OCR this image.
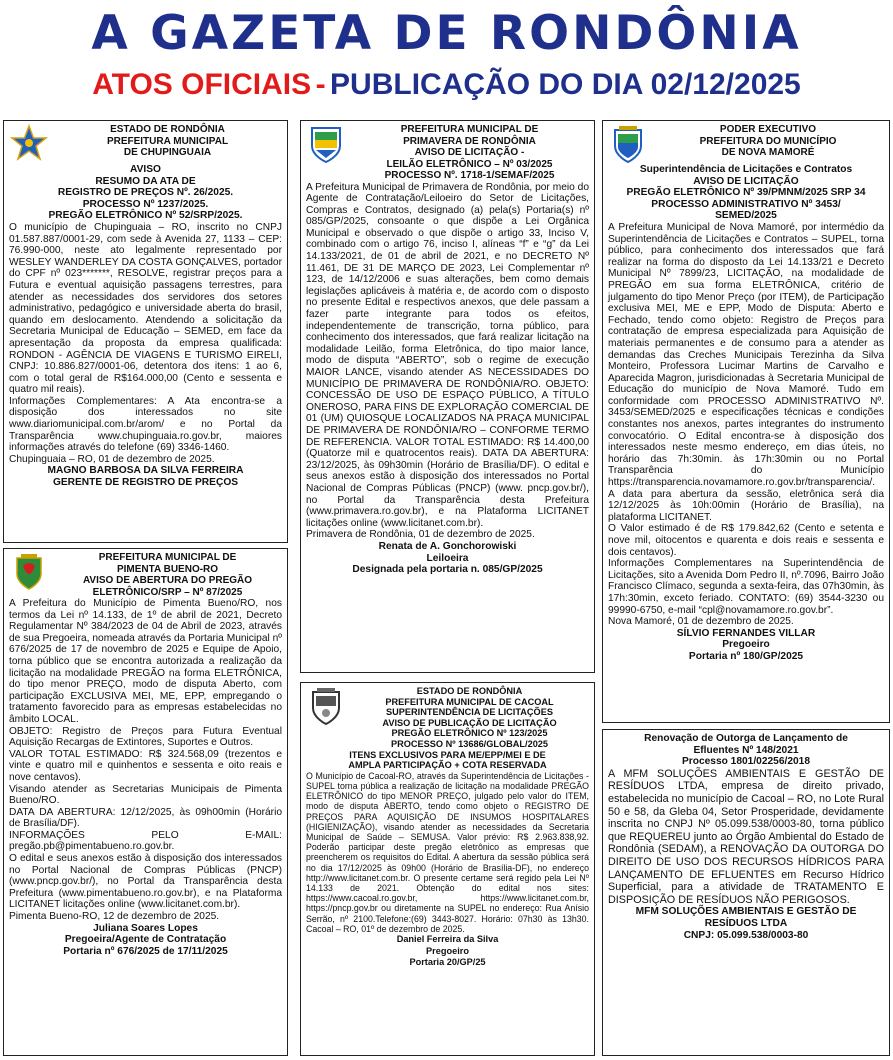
A GAZETA DE RONDÔNIA
ATOS OFICIAIS - PUBLICAÇÃO DO DIA 02/12/2025
ESTADO DE RONDÔNIA
PREFEITURA MUNICIPAL
DE CHUPINGUAIA
AVISO
RESUMO DA ATA DE
REGISTRO DE PREÇOS Nº. 26/2025.
PROCESSO Nº 1237/2025.
PREGÃO ELETRÔNICO Nº 52/SRP/2025.

O município de Chupinguaia – RO, inscrito no CNPJ 01.587.887/0001-29, com sede à Avenida 27, 1133 – CEP: 76.990-000, neste ato legalmente representado por WESLEY WANDERLEY DA COSTA GONÇALVES, portador do CPF nº 023*******, RESOLVE, registrar preços para a Futura e eventual aquisição passagens terrestres, para atender as necessidades dos servidores dos setores administrativo, pedagógico e universidade aberta do brasil, quando em deslocamento. Atendendo a solicitação da Secretaria Municipal de Educação – SEMED, em face da apresentação da proposta da empresa qualificada: RONDON - AGÊNCIA DE VIAGENS E TURISMO EIRELI, CNPJ: 10.886.827/0001-06, detentora dos itens: 1 ao 6, com o total geral de R$164.000,00 (Cento e sessenta e quatro mil reais).

Informações Complementares: A Ata encontra-se a disposição dos interessados no site www.diariomunicipal.com.br/arom/ e no Portal da Transparência www.chupinguaia.ro.gov.br, maiores informações através do telefone (69) 3346-1460.

Chupinguaia – RO, 01 de dezembro de 2025.
MAGNO BARBOSA DA SILVA FERREIRA
GERENTE DE REGISTRO DE PREÇOS
PREFEITURA MUNICIPAL DE
PIMENTA BUENO-RO
AVISO DE ABERTURA DO PREGÃO
ELETRÔNICO/SRP – Nº 87/2025

A Prefeitura do Município de Pimenta Bueno/RO, nos termos da Lei nº 14.133, de 1º de abril de 2021, Decreto Regulamentar Nº 384/2023 de 04 de Abril de 2023, através de sua Pregoeira, nomeada através da Portaria Municipal nº 676/2025 de 17 de novembro de 2025 e Equipe de Apoio, torna público que se encontra autorizada a realização da licitação na modalidade PREGÃO na forma ELETRÔNICA, do tipo menor PREÇO, modo de disputa Aberto, com participação EXCLUSIVA MEI, ME, EPP, empregando o tratamento favorecido para as empresas estabelecidas no âmbito LOCAL.

OBJETO: Registro de Preços para Futura Eventual Aquisição Recargas de Extintores, Suportes e Outros.

VALOR TOTAL ESTIMADO: R$ 324.568,09 (trezentos e vinte e quatro mil e quinhentos e sessenta e oito reais e nove centavos).

Visando atender as Secretarias Municipais de Pimenta Bueno/RO.

DATA DA ABERTURA: 12/12/2025, às 09h00min (Horário de Brasília/DF).

INFORMAÇÕES PELO E-MAIL: pregão.pb@pimentabueno.ro.gov.br.

O edital e seus anexos estão à disposição dos interessados no Portal Nacional de Compras Públicas (PNCP) (www.pncp.gov.br/), no Portal da Transparência desta Prefeitura (www.pimentabueno.ro.gov.br), e na Plataforma LICITANET licitações online (www.licitanet.com.br).

Pimenta Bueno-RO, 12 de dezembro de 2025.
Juliana Soares Lopes
Pregoeira/Agente de Contratação
Portaria nº 676/2025 de 17/11/2025
PREFEITURA MUNICIPAL DE
PRIMAVERA DE RONDÔNIA
AVISO DE LICITAÇÃO -
LEILÃO ELETRÔNICO – Nº 03/2025
PROCESSO Nº. 1718-1/SEMAF/2025

A Prefeitura Municipal de Primavera de Rondônia, por meio do Agente de Contratação/Leiloeiro do Setor de Licitações, Compras e Contratos, designado (a) pela(s) Portaria(s) nº 085/GP/2025, consoante o que dispõe a Lei Orgânica Municipal e observado o que dispõe o artigo 33, Inciso V, combinado com o artigo 76, inciso I, alíneas “f” e “g” da Lei 14.133/2021, de 01 de abril de 2021, e no DECRETO Nº 11.461, DE 31 DE MARÇO DE 2023, Lei Complementar nº 123, de 14/12/2006 e suas alterações, bem como demais legislações aplicáveis à matéria e, de acordo com o disposto no presente Edital e respectivos anexos, que dele passam a fazer parte integrante para todos os efeitos, independentemente de transcrição, torna público, para conhecimento dos interessados, que fará realizar licitação na modalidade Leilão, forma Eletrônica, do tipo maior lance, modo de disputa “ABERTO”, sob o regime de execução MAIOR LANCE, visando atender AS NECESSIDADES DO MUNICÍPIO DE PRIMAVERA DE RONDÔNIA/RO. OBJETO: CONCESSÃO DE USO DE ESPAÇO PÚBLICO, A TÍTULO ONEROSO, PARA FINS DE EXPLORAÇÃO COMERCIAL DE 01 (UM) QUIOSQUE LOCALIZADOS NA PRAÇA MUNICIPAL DE PRIMAVERA DE RONDÔNIA/RO – CONFORME TERMO DE REFERENCIA. VALOR TOTAL ESTIMADO: R$ 14.400,00 (Quatorze mil e quatrocentos reais). DATA DA ABERTURA: 23/12/2025, às 09h30min (Horário de Brasília/DF). O edital e seus anexos estão à disposição dos interessados no Portal Nacional de Compras Públicas (PNCP) (www. pncp.gov.br/), no Portal da Transparência desta Prefeitura (www.primavera.ro.gov.br), e na Plataforma LICITANET licitações online (www.licitanet.com.br).

Primavera de Rondônia, 01 de dezembro de 2025.
Renata de A. Gonchorowiski
Leiloeira
Designada pela portaria n. 085/GP/2025
ESTADO DE RONDÔNIA
PREFEITURA MUNICIPAL DE CACOAL
SUPERINTENDÊNCIA DE LICITAÇÕES
AVISO DE PUBLICAÇÃO DE LICITAÇÃO
PREGÃO ELETRÔNICO Nº 123/2025
PROCESSO Nº 13686/GLOBAL/2025
ITENS EXCLUSIVOS PARA ME/EPP/MEI E DE
AMPLA PARTICIPAÇÃO + COTA RESERVADA

O Município de Cacoal-RO, através da Superintendência de Licitações - SUPEL torna pública a realização de licitação na modalidade PREGÃO ELETRÔNICO do tipo MENOR PREÇO, julgado pelo valor do ITEM, modo de disputa ABERTO, tendo como objeto o REGISTRO DE PREÇOS PARA AQUISIÇÃO DE INSUMOS HOSPITALARES (HIGIENIZAÇÃO), visando atender as necessidades da Secretaria Municipal de Saúde – SEMUSA. Valor prévio: R$ 2.963.838,92. Poderão participar deste pregão eletrônico as empresas que preencherem os requisitos do Edital. A abertura da sessão pública será no dia 17/12/2025 às 09h00 (Horário de Brasília-DF), no endereço http://www.licitanet.com.br. O presente certame será regido pela Lei Nº 14.133 de 2021. Obtenção do edital nos sites: https://www.cacoal.ro.gov.br, https://www.licitanet.com.br, https://pncp.gov.br ou diretamente na SUPEL no endereço: Rua Anísio Serrão, nº 2100.Telefone:(69) 3443-8027. Horário: 07h30 às 13h30. Cacoal – RO, 01º de dezembro de 2025.

Daniel Ferreira da Silva
Pregoeiro
Portaria 20/GP/25
PODER EXECUTIVO
PREFEITURA DO MUNICÍPIO
DE NOVA MAMORÉ
Superintendência de Licitações e Contratos
AVISO DE LICITAÇÃO
PREGÃO ELETRÔNICO Nº 39/PMNM/2025 SRP 34
PROCESSO ADMINISTRATIVO Nº 3453/
SEMED/2025

A Prefeitura Municipal de Nova Mamoré, por intermédio da Superintendência de Licitações e Contratos – SUPEL, torna público, para conhecimento dos interessados que fará realizar na forma do disposto da Lei 14.133/21 e Decreto Municipal Nº 7899/23, LICITAÇÃO, na modalidade de PREGÃO em sua forma ELETRÔNICA, critério de julgamento do tipo Menor Preço (por ITEM), de Participação exclusiva MEI, ME e EPP, Modo de Disputa: Aberto e Fechado, tendo como objeto: Registro de Preços para contratação de empresa especializada para Aquisição de materiais permanentes e de consumo para a atender as demandas das Creches Municipais Terezinha da Silva Monteiro, Professora Lucimar Martins de Carvalho e Aparecida Magron, jurisdicionadas à Secretaria Municipal de Educação do município de Nova Mamoré. Tudo em conformidade com PROCESSO ADMINISTRATIVO Nº. 3453/SEMED/2025 e especificações técnicas e condições constantes nos anexos, partes integrantes do instrumento convocatório. O Edital encontra-se à disposição dos interessados neste mesmo endereço, em dias úteis, no horário das 7h:30min. às 17h:30min ou no Portal Transparência do Município https://transparencia.novamamore.ro.gov.br/transparencia/. A data para abertura da sessão, eletrônica será dia 12/12/2025 às 10h:00min (Horário de Brasília), na plataforma LICITANET.

O Valor estimado é de R$ 179.842,62 (Cento e setenta e nove mil, oitocentos e quarenta e dois reais e sessenta e dois centavos).

Informações Complementares na Superintendência de Licitações, sito a Avenida Dom Pedro II, nº.7096, Bairro João Francisco Clímaco, segunda a sexta-feira, das 07h30min, às 17h:30min, exceto feriado. CONTATO: (69) 3544-3230 ou 99990-6750, e-mail “cpl@novamamore.ro.gov.br”.

Nova Mamoré, 01 de dezembro de 2025.
SÍLVIO FERNANDES VILLAR
Pregoeiro
Portaria nº 180/GP/2025
Renovação de Outorga de Lançamento de
Efluentes Nº 148/2021
Processo 1801/02256/2018

A MFM SOLUÇÕES AMBIENTAIS E GESTÃO DE RESÍDUOS LTDA, empresa de direito privado, estabelecida no município de Cacoal – RO, no Lote Rural 50 e 58, da Gleba 04, Setor Prosperidade, devidamente inscrita no CNPJ Nº 05.099.538/0003-80, torna público que REQUEREU junto ao Órgão Ambiental do Estado de Rondônia (SEDAM), a RENOVAÇÃO DA OUTORGA DO DIREITO DE USO DOS RECURSOS HÍDRICOS PARA LANÇAMENTO DE EFLUENTES em Recurso Hídrico Superficial, para a atividade de TRATAMENTO E DISPOSIÇÃO DE RESÍDUOS NÃO PERIGOSOS.

MFM SOLUÇÕES AMBIENTAIS E GESTÃO DE RESÍDUOS LTDA
CNPJ: 05.099.538/0003-80
